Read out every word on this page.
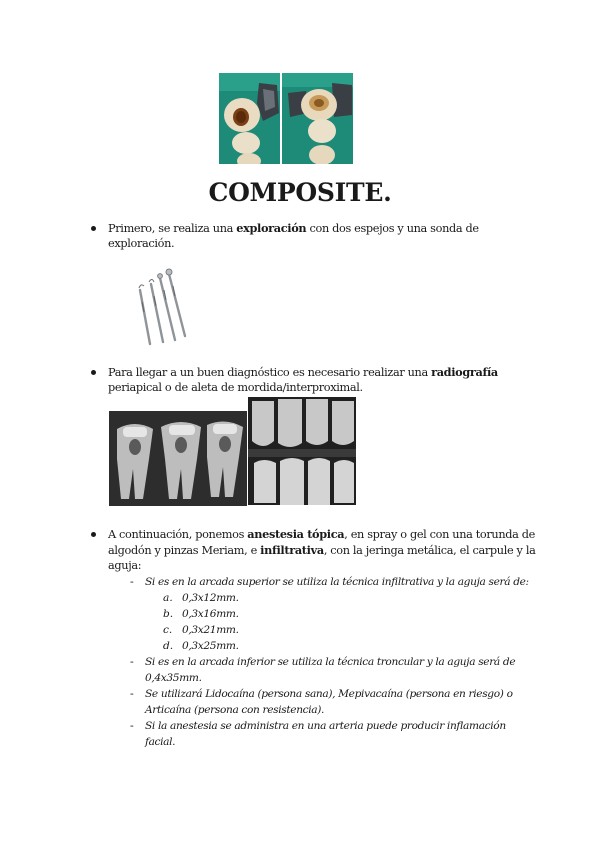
COMPOSITE.
Primero, se realiza una exploración con dos espejos y una sonda de
exploración.
Para llegar a un buen diagnóstico es necesario realizar una radiografía
periapical o de aleta de mordida/interproximal.
A continuación, ponemos anestesia tópica, en spray o gel con una torunda de
algodón y pinzas Meriam, e infiltrativa, con la jeringa metálica, el carpule y la
aguja:
- Si es en la arcada superior se utiliza la técnica infiltrativa y la aguja será de:
a. 0,3x12mm.
b. 0,3x16mm.
c. 0,3x21mm.
d. 0,3x25mm.
- Si es en la arcada inferior se utiliza la técnica troncular y la aguja será de
0,4x35mm.
- Se utilizará Lidocaína (persona sana), Mepivacaína (persona en riesgo) o
Articaína (persona con resistencia).
- Si la anestesia se administra en una arteria puede producir inflamación
facial.
